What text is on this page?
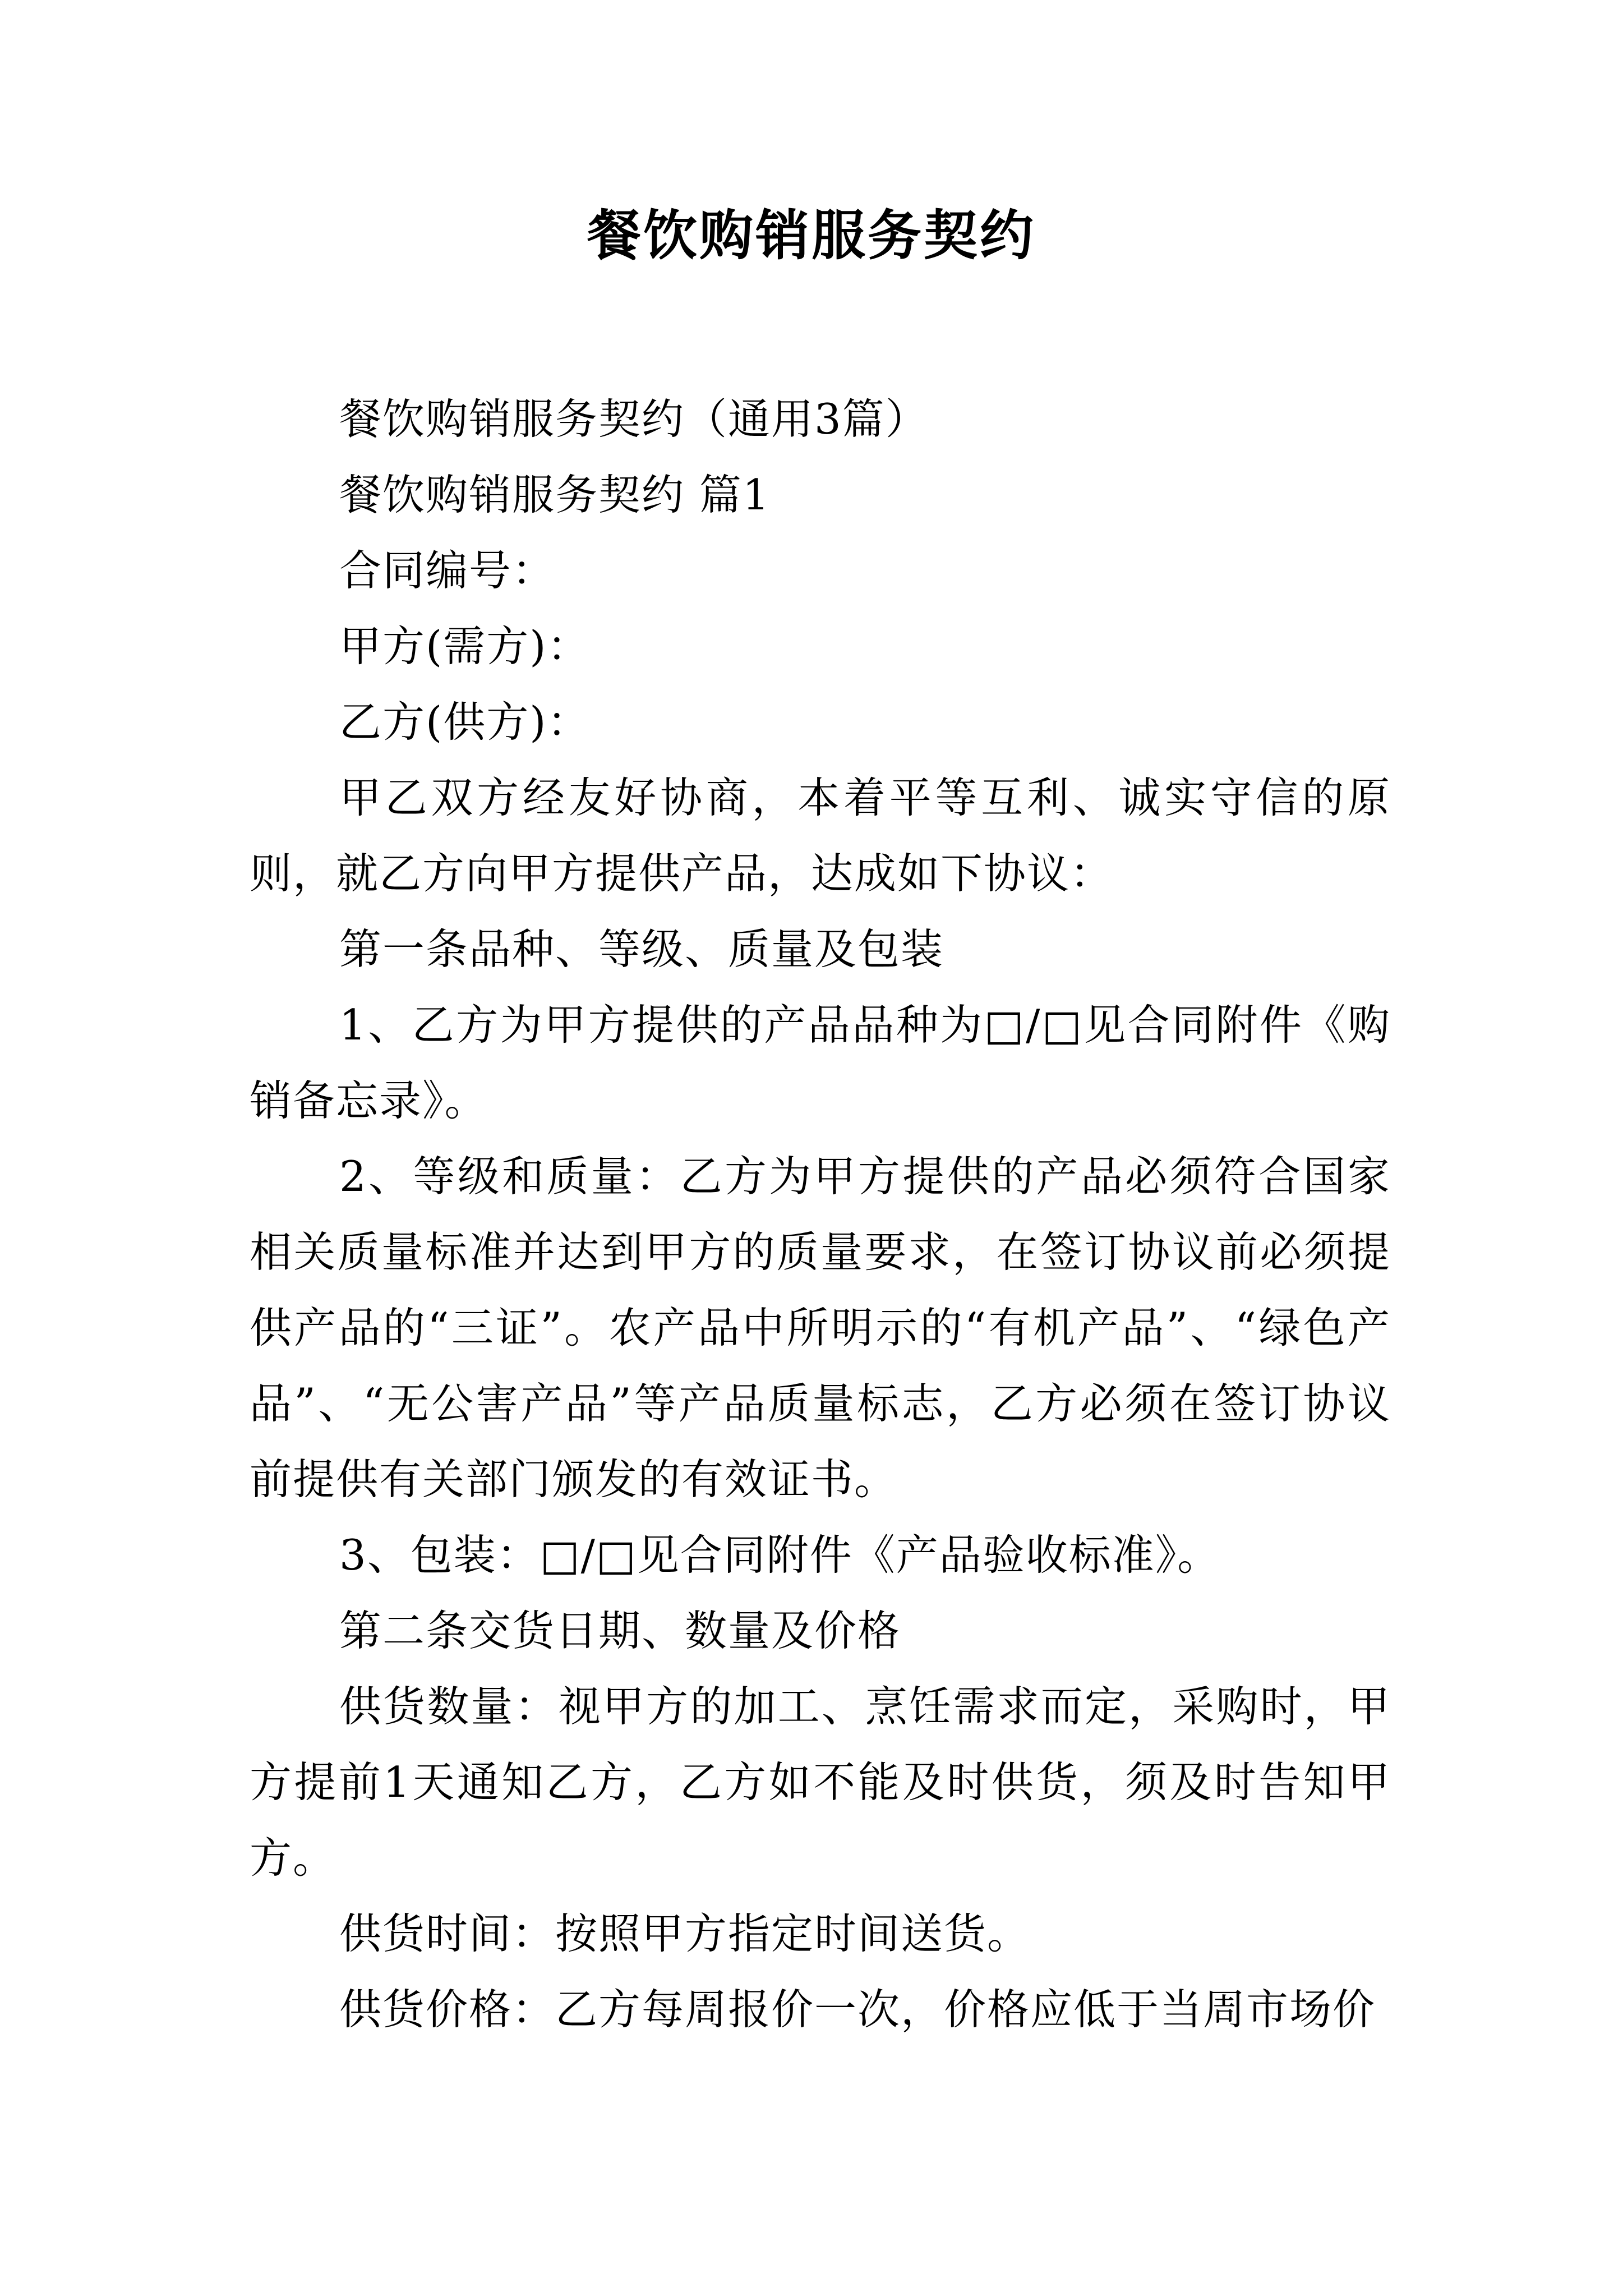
餐饮购销服务契约

餐饮购销服务契约（通用3篇）

餐饮购销服务契约 篇1

合同编号：

甲方(需方)：

乙方(供方)：

甲乙双方经友好协商，本着平等互利、诚实守信的原则，就乙方向甲方提供产品，达成如下协议：

第一条品种、等级、质量及包装

1、乙方为甲方提供的产品品种为□/□见合同附件《购销备忘录》。

2、等级和质量：乙方为甲方提供的产品必须符合国家相关质量标准并达到甲方的质量要求，在签订协议前必须提供产品的“三证”。农产品中所明示的“有机产品”、“绿色产品”、“无公害产品”等产品质量标志，乙方必须在签订协议前提供有关部门颁发的有效证书。

3、包装：□/□见合同附件《产品验收标准》。

第二条交货日期、数量及价格

供货数量：视甲方的加工、烹饪需求而定，采购时，甲方提前1天通知乙方，乙方如不能及时供货，须及时告知甲方。

供货时间：按照甲方指定时间送货。

供货价格：乙方每周报价一次，价格应低于当周市场价
